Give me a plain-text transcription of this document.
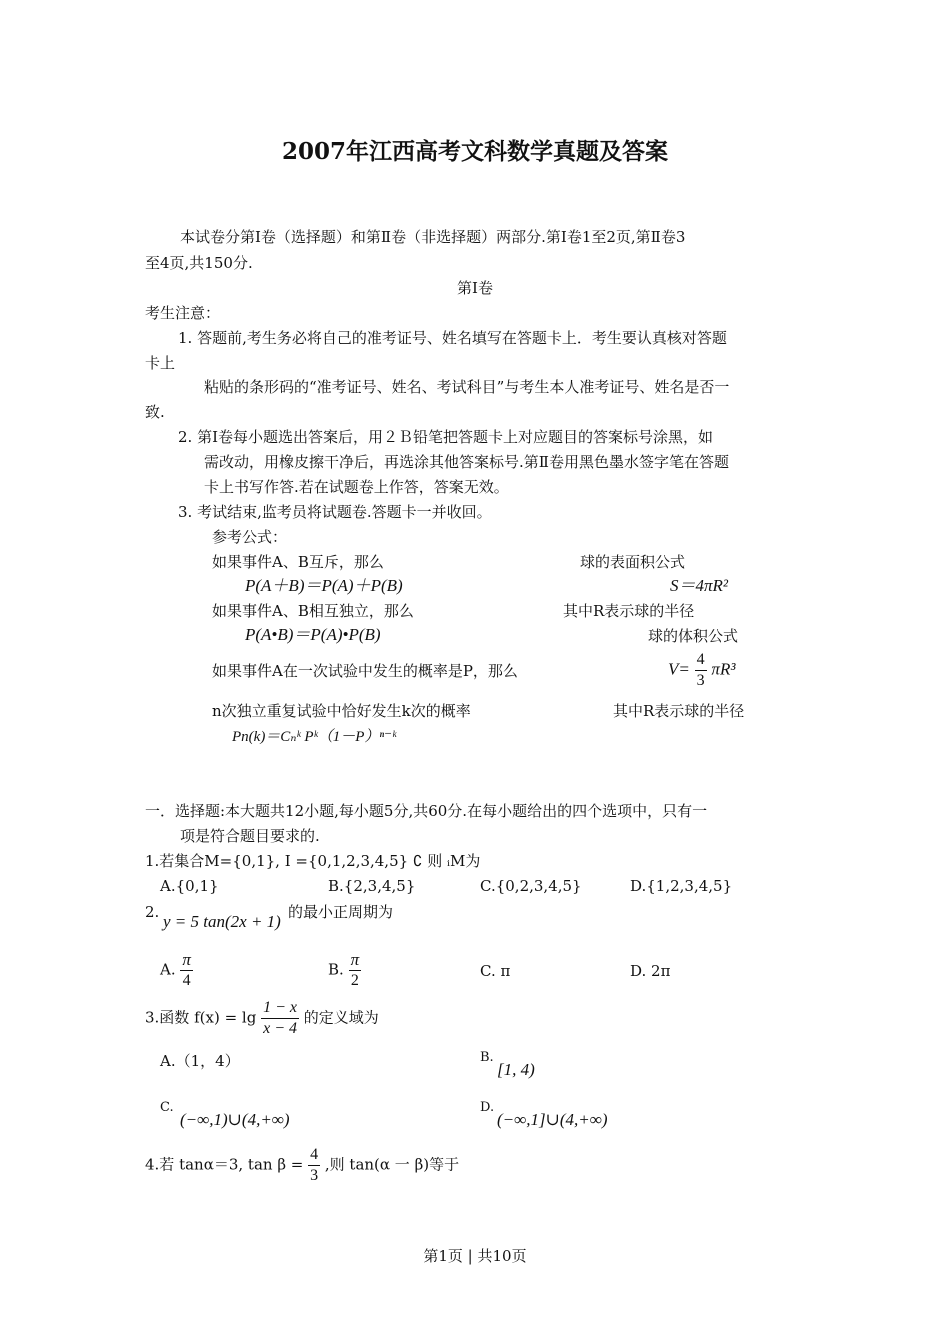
2007年江西高考文科数学真题及答案
本试卷分第Ⅰ卷（选择题）和第Ⅱ卷（非选择题）两部分.第Ⅰ卷1至2页,第Ⅱ卷3
至4页,共150分.
第Ⅰ卷
考生注意：
1. 答题前,考生务必将自己的准考证号、姓名填写在答题卡上．考生要认真核对答题
卡上
粘贴的条形码的“准考证号、姓名、考试科目”与考生本人准考证号、姓名是否一
致.
2. 第Ⅰ卷每小题选出答案后，用２Ｂ铅笔把答题卡上对应题目的答案标号涂黑，如
需改动，用橡皮擦干净后，再选涂其他答案标号.第Ⅱ卷用黑色墨水签字笔在答题
卡上书写作答.若在试题卷上作答，答案无效。
3. 考试结束,监考员将试题卷.答题卡一并收回。
参考公式：
如果事件A、B互斥，那么	球的表面积公式
P(A＋B)＝P(A)＋P(B)	S＝4πR²
如果事件A、B相互独立，那么	其中R表示球的半径
P(A•B)＝P(A)•P(B)	球的体积公式
如果事件A在一次试验中发生的概率是P，那么	$V= \frac{4}{3} \pi R^3$
n次独立重复试验中恰好发生k次的概率	其中R表示球的半径
Pn(k)＝Cₙᵏ Pᵏ（1－P）ⁿ⁻ᵏ
一．选择题:本大题共12小题,每小题5分,共60分.在每小题给出的四个选项中，只有一
项是符合题目要求的.
1.若集合M={0,1}, I ={0,1,2,3,4,5} ∁ 则 ᵢM为
A.{0,1}	B.{2,3,4,5}	C.{0,2,3,4,5}	D.{1,2,3,4,5}
2. y = 5 tan(2x + 1) 的最小正周期为
A. $\frac{\pi}{4}$	B. $\frac{\pi}{2}$	C. π	D. 2π
3.函数 $f(x) = \lg \frac{1 - x}{x - 4}$ 的定义域为
A.（1，4）	B.
[1, 4)
C.
(−∞,1)∪(4,+∞)
D.
(−∞,1]∪(4,+∞)
4.若 tanα＝3, $\tan \beta = \frac{4}{3}$ ,则 tan(α 一 β)等于
第1页 | 共10页
